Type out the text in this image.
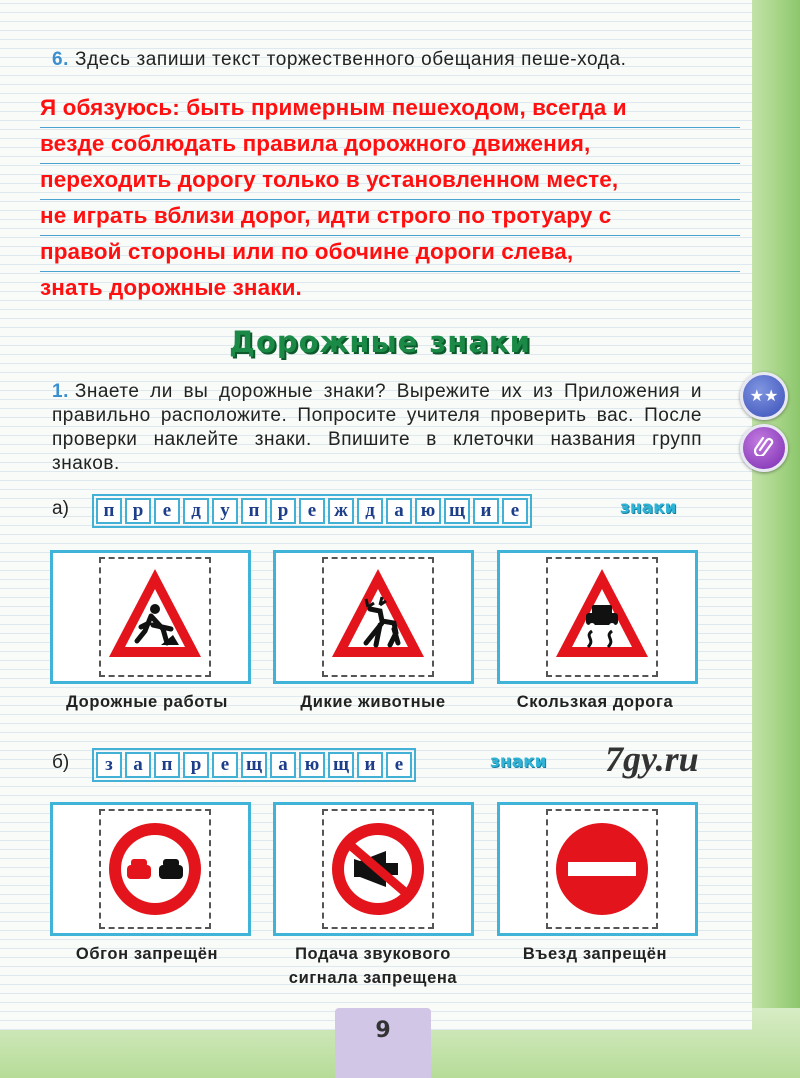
6. Здесь запиши текст торжественного обещания пеше-хода.
Я обязуюсь: быть примерным пешеходом, всегда и
везде соблюдать правила дорожного движения,
переходить дорогу только в установленном месте,
не играть вблизи дорог, идти строго по тротуару с
правой стороны или по обочине дороги слева,
знать дорожные знаки.
Дорожные знаки
1. Знаете ли вы дорожные знаки? Вырежите их из Приложения и правильно расположите. Попросите учителя проверить вас. После проверки наклейте знаки. Впишите в клеточки названия групп знаков.
★★
а)	п р	е	д	у п р	е ж д	а ю щ и	е	знаки
Дорожные работы	Дикие животные	Скользкая дорога
б)	з	а п р	е щ а ю щ и	е	знаки 7gy.ru
Обгон запрещён	Подача звукового сигнала запрещена
Въезд запрещён
9
